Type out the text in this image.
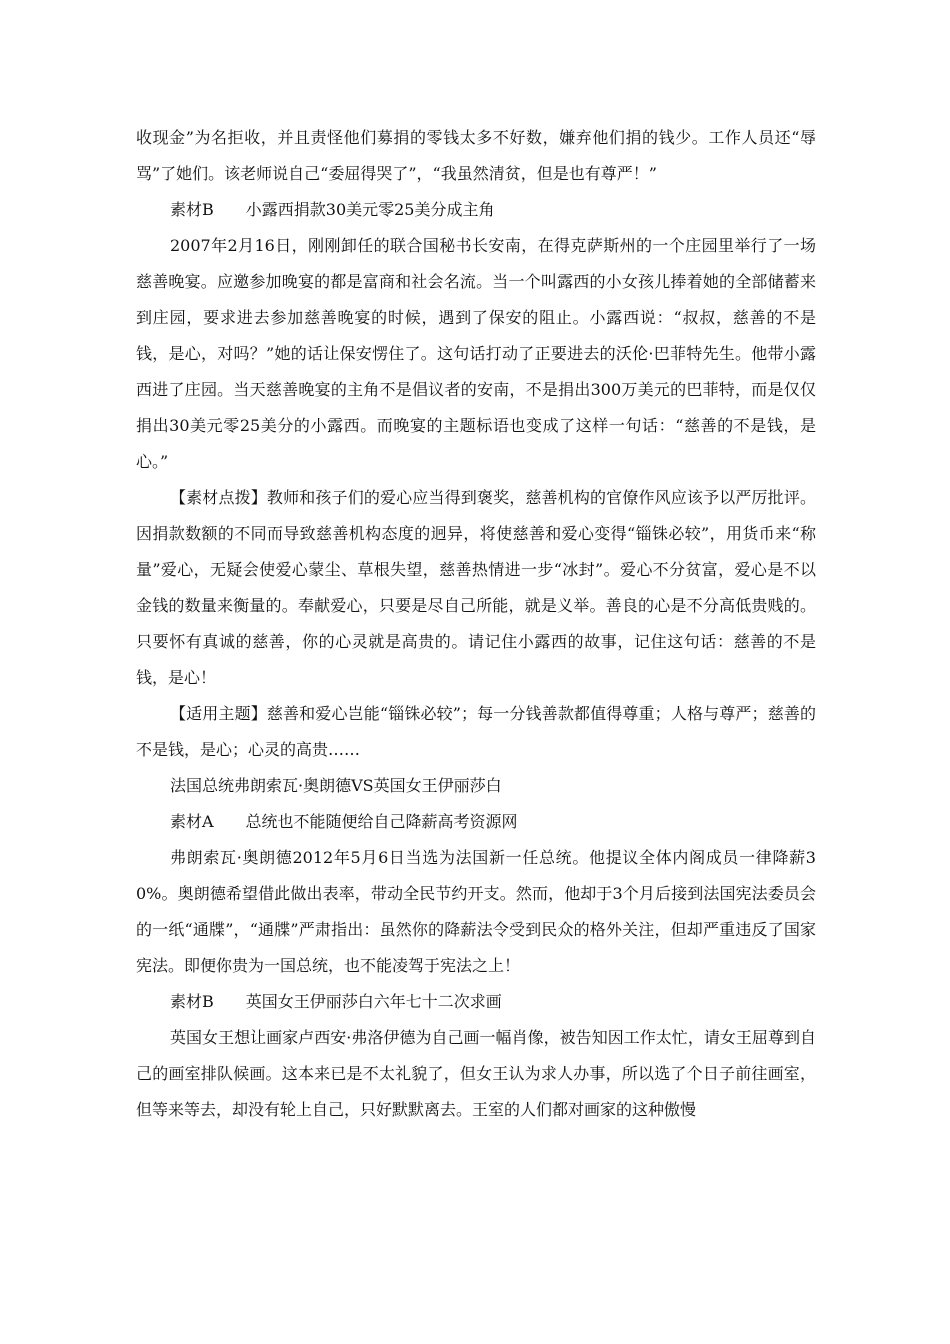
收现金”为名拒收，并且责怪他们募捐的零钱太多不好数，嫌弃他们捐的钱少。工作人员还“辱骂”了她们。该老师说自己“委屈得哭了”，“我虽然清贫，但是也有尊严！”

素材B　　小露西捐款30美元零25美分成主角

2007年2月16日，刚刚卸任的联合国秘书长安南，在得克萨斯州的一个庄园里举行了一场慈善晚宴。应邀参加晚宴的都是富商和社会名流。当一个叫露西的小女孩儿捧着她的全部储蓄来到庄园，要求进去参加慈善晚宴的时候，遇到了保安的阻止。小露西说：“叔叔，慈善的不是钱，是心，对吗？”她的话让保安愣住了。这句话打动了正要进去的沃伦·巴菲特先生。他带小露西进了庄园。当天慈善晚宴的主角不是倡议者的安南，不是捐出300万美元的巴菲特，而是仅仅捐出30美元零25美分的小露西。而晚宴的主题标语也变成了这样一句话：“慈善的不是钱，是心。”

【素材点拨】教师和孩子们的爱心应当得到褒奖，慈善机构的官僚作风应该予以严厉批评。因捐款数额的不同而导致慈善机构态度的迥异，将使慈善和爱心变得“锱铢必较”，用货币来“称量”爱心，无疑会使爱心蒙尘、草根失望，慈善热情进一步“冰封”。爱心不分贫富，爱心是不以金钱的数量来衡量的。奉献爱心，只要是尽自己所能，就是义举。善良的心是不分高低贵贱的。只要怀有真诚的慈善，你的心灵就是高贵的。请记住小露西的故事，记住这句话：慈善的不是钱，是心！

【适用主题】慈善和爱心岂能“锱铢必较”；每一分钱善款都值得尊重；人格与尊严；慈善的不是钱，是心；心灵的高贵……

法国总统弗朗索瓦·奥朗德VS英国女王伊丽莎白

素材A　　总统也不能随便给自己降薪高考资源网

弗朗索瓦·奥朗德2012年5月6日当选为法国新一任总统。他提议全体内阁成员一律降薪30%。奥朗德希望借此做出表率，带动全民节约开支。然而，他却于3个月后接到法国宪法委员会的一纸“通牒”，“通牒”严肃指出：虽然你的降薪法令受到民众的格外关注，但却严重违反了国家宪法。即便你贵为一国总统，也不能凌驾于宪法之上！

素材B　　英国女王伊丽莎白六年七十二次求画

英国女王想让画家卢西安·弗洛伊德为自己画一幅肖像，被告知因工作太忙，请女王屈尊到自己的画室排队候画。这本来已是不太礼貌了，但女王认为求人办事，所以选了个日子前往画室，但等来等去，却没有轮上自己，只好默默离去。王室的人们都对画家的这种傲慢
